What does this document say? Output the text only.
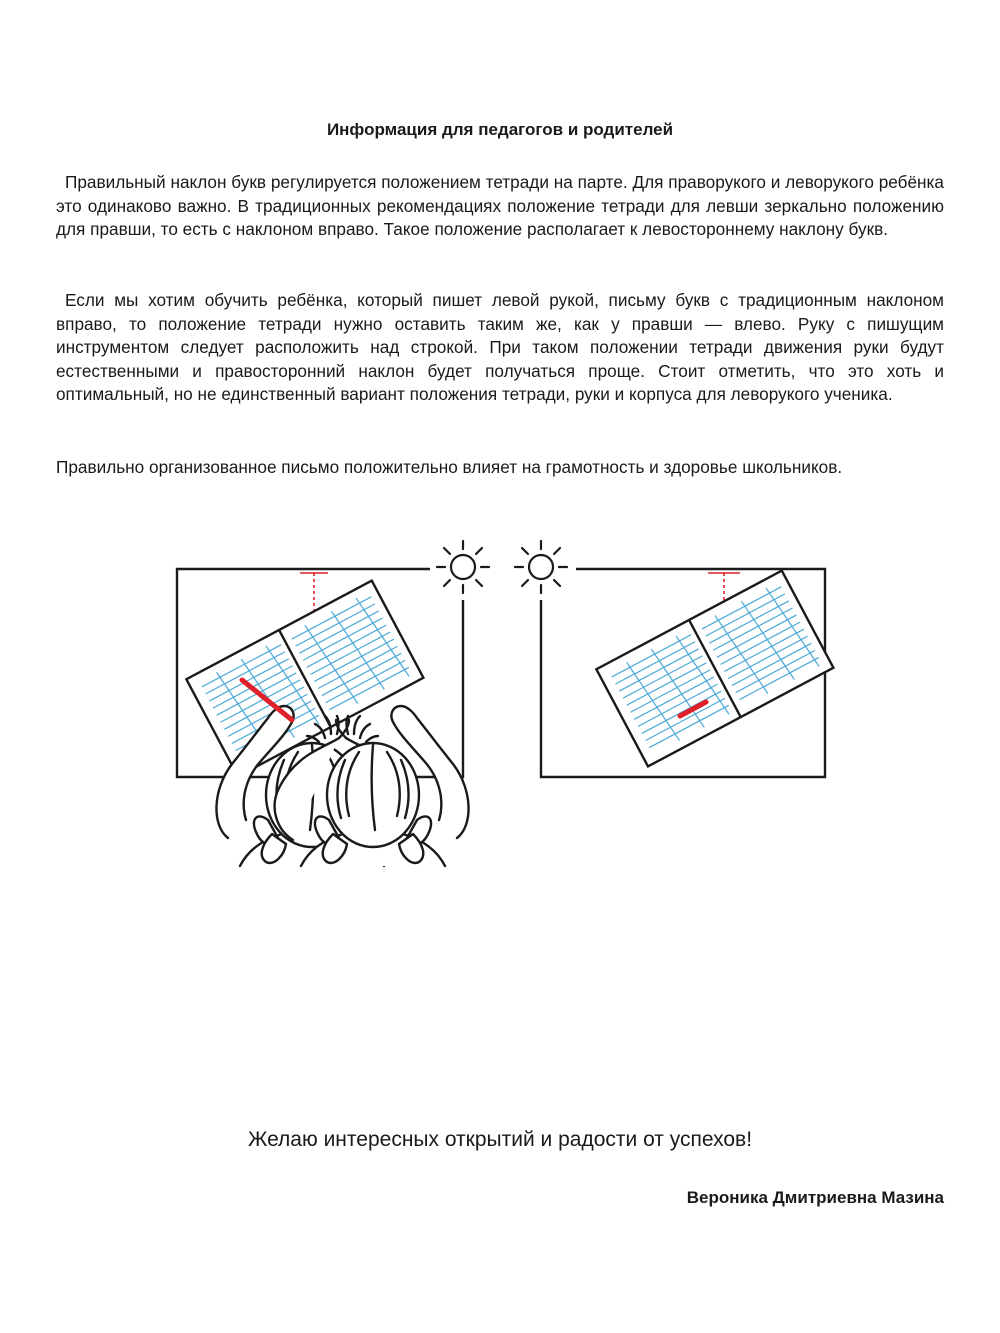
Информация для педагогов и родителей

Правильный наклон букв регулируется положением тетради на парте. Для праворукого и леворукого ребёнка это одинаково важно. В традиционных рекомендациях положение тетради для левши зеркально положению для правши, то есть с наклоном вправо. Такое положение располагает к левостороннему наклону букв.

Если мы хотим обучить ребёнка, который пишет левой рукой, письму букв с традиционным наклоном вправо, то положение тетради нужно оставить таким же, как у правши — влево. Руку с пишущим инструментом следует расположить над строкой. При таком положении тетради движения руки будут естественными и правосторонний наклон будет получаться проще. Стоит отметить, что это хоть и оптимальный, но не единственный вариант положения тетради, руки и корпуса для леворукого ученика.

Правильно организованное письмо положительно влияет на грамотность и здоровье школьников.

Желаю интересных открытий и радости от успехов!

Вероника Дмитриевна Мазина
